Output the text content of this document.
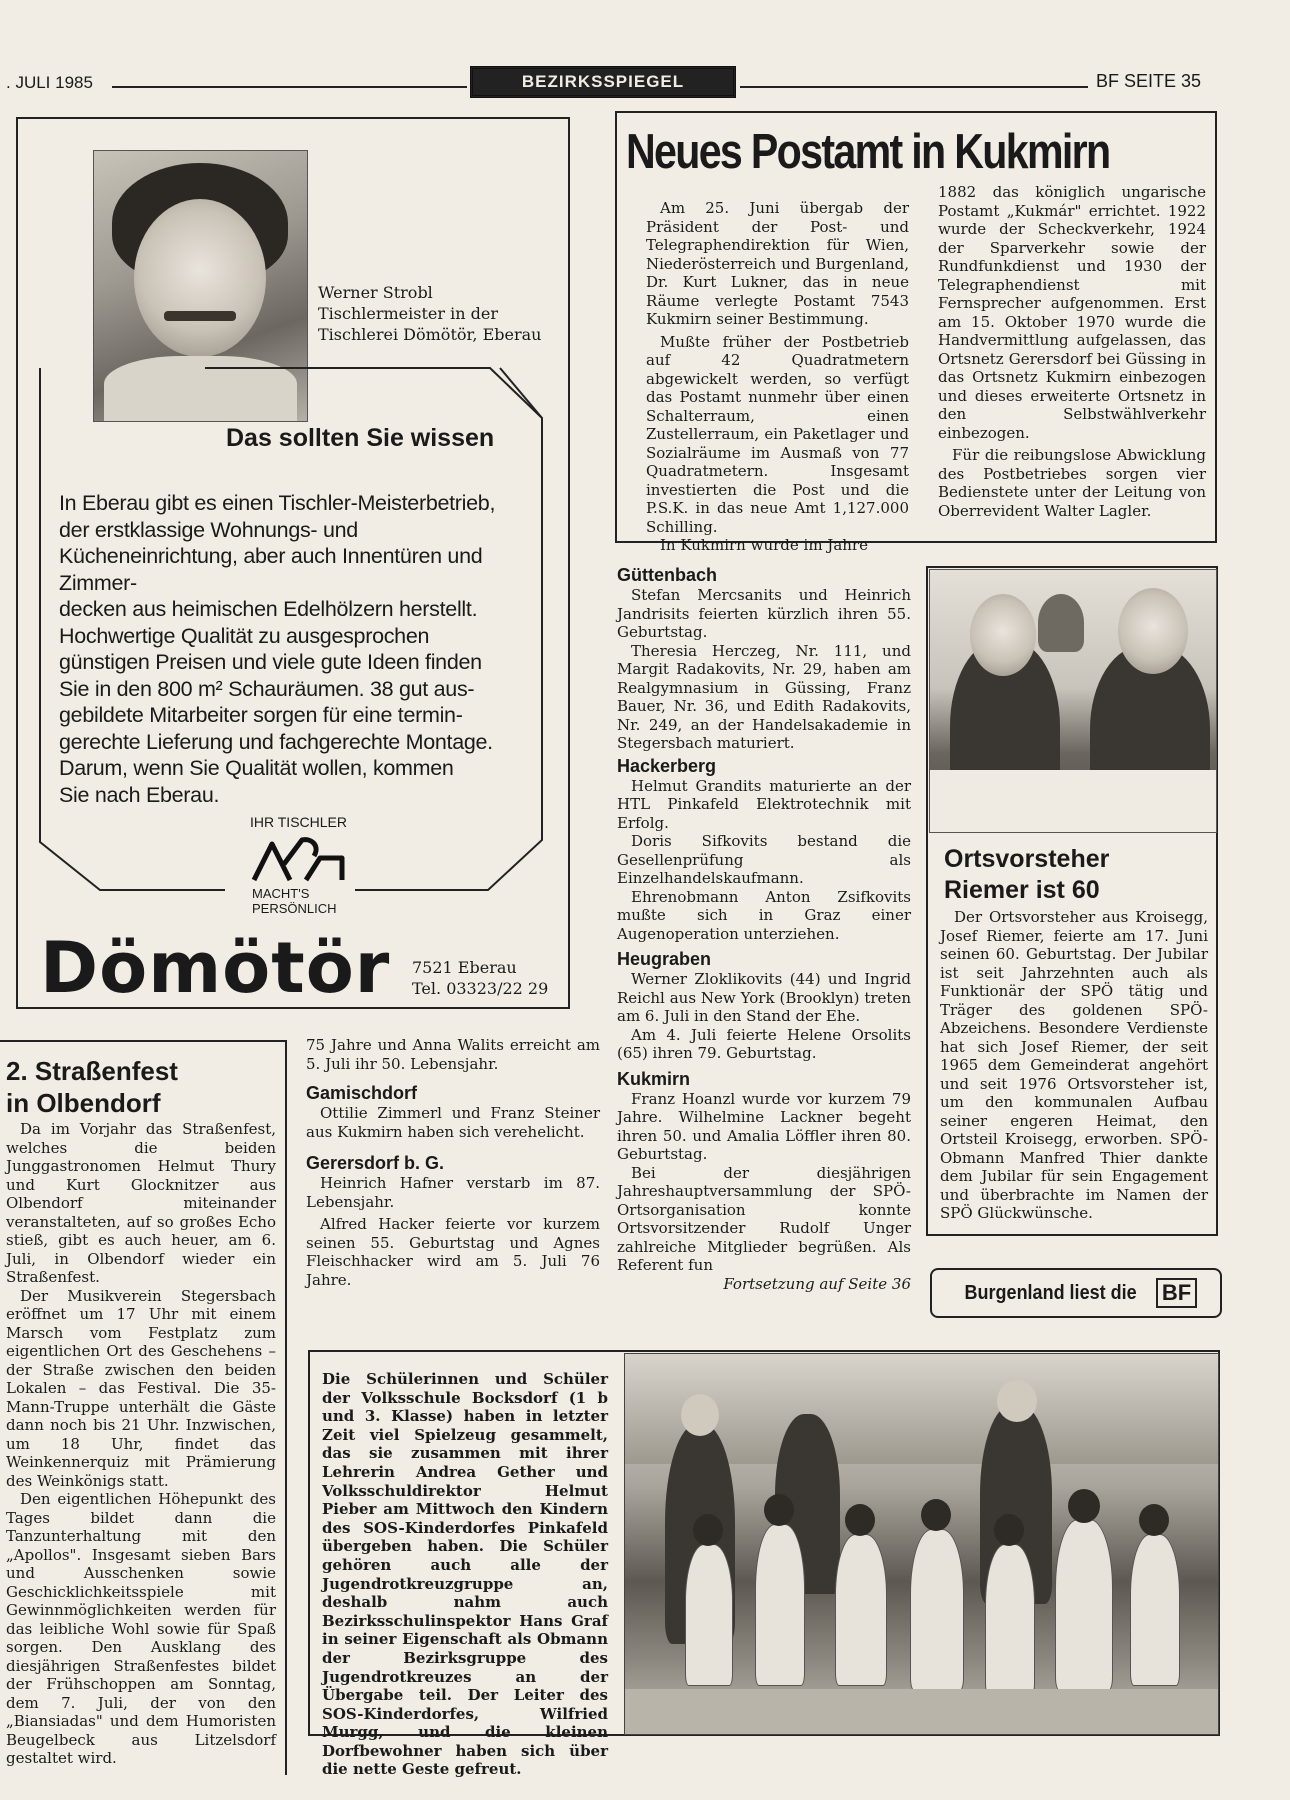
. JULI 1985	BEZIRKSSPIEGEL	BF SEITE 35
Werner Strobl
Tischlermeister in der
Tischlerei Dömötör, Eberau
Das sollten Sie wissen
In Eberau gibt es einen Tischler-Meisterbetrieb,
der erstklassige Wohnungs- und Kücheneinrichtung, aber auch Innentüren und Zimmer-
decken aus heimischen Edelhölzern herstellt.
Hochwertige Qualität zu ausgesprochen
günstigen Preisen und viele gute Ideen finden
Sie in den 800 m² Schauräumen. 38 gut aus-
gebildete Mitarbeiter sorgen für eine termin-
gerechte Lieferung und fachgerechte Montage.
Darum, wenn Sie Qualität wollen, kommen
Sie nach Eberau.
IHR TISCHLER
MACHT'S
PERSÖNLICH
Dömötör 7521 Eberau
Tel. 03323/22 29
Neues Postamt in Kukmirn

Am 25. Juni übergab der Präsident der Post- und Telegraphendirektion für Wien, Niederösterreich und Burgenland, Dr. Kurt Lukner, das in neue Räume verlegte Postamt 7543 Kukmirn seiner Bestimmung.

Mußte früher der Postbetrieb auf 42 Quadratmetern abgewickelt werden, so verfügt das Postamt nunmehr über einen Schalterraum, einen Zustellerraum, ein Paketlager und Sozialräume im Ausmaß von 77 Quadratmetern. Insgesamt investierten die Post und die P.S.K. in das neue Amt 1,127.000 Schilling.

In Kukmirn wurde im Jahre

1882 das königlich ungarische Postamt „Kukmár" errichtet. 1922 wurde der Scheckverkehr, 1924 der Sparverkehr sowie der Rundfunkdienst und 1930 der Telegraphendienst mit Fernsprecher aufgenommen. Erst am 15. Oktober 1970 wurde die Handvermittlung aufgelassen, das Ortsnetz Gerersdorf bei Güssing in das Ortsnetz Kukmirn einbezogen und dieses erweiterte Ortsnetz in den Selbstwählverkehr einbezogen.

Für die reibungslose Abwicklung des Postbetriebes sorgen vier Bedienstete unter der Leitung von Oberrevident Walter Lagler.

Güttenbach

Stefan Mercsanits und Heinrich Jandrisits feierten kürzlich ihren 55. Geburtstag.

Theresia Herczeg, Nr. 111, und Margit Radakovits, Nr. 29, haben am Realgymnasium in Güssing, Franz Bauer, Nr. 36, und Edith Radakovits, Nr. 249, an der Handelsakademie in Stegersbach maturiert.

Hackerberg

Helmut Grandits maturierte an der HTL Pinkafeld Elektrotechnik mit Erfolg.

Doris Sifkovits bestand die Gesellenprüfung als Einzelhandelskaufmann.

Ehrenobmann Anton Zsifkovits mußte sich in Graz einer Augenoperation unterziehen.

Heugraben

Werner Zloklikovits (44) und Ingrid Reichl aus New York (Brooklyn) treten am 6. Juli in den Stand der Ehe.

Am 4. Juli feierte Helene Orsolits (65) ihren 79. Geburtstag.

Kukmirn

Franz Hoanzl wurde vor kurzem 79 Jahre. Wilhelmine Lackner begeht ihren 50. und Amalia Löffler ihren 80. Geburtstag.

Bei der diesjährigen Jahreshauptversammlung der SPÖ-Ortsorganisation konnte Ortsvorsitzender Rudolf Unger zahlreiche Mitglieder begrüßen. Als Referent fun

Fortsetzung auf Seite 36

75 Jahre und Anna Walits erreicht am 5. Juli ihr 50. Lebensjahr.

Gamischdorf

Ottilie Zimmerl und Franz Steiner aus Kukmirn haben sich verehelicht.

Gerersdorf b. G.

Heinrich Hafner verstarb im 87. Lebensjahr.

Alfred Hacker feierte vor kurzem seinen 55. Geburtstag und Agnes Fleischhacker wird am 5. Juli 76 Jahre.

2. Straßenfest
in Olbendorf

Da im Vorjahr das Straßenfest, welches die beiden Junggastronomen Helmut Thury und Kurt Glocknitzer aus Olbendorf miteinander veranstalteten, auf so großes Echo stieß, gibt es auch heuer, am 6. Juli, in Olbendorf wieder ein Straßenfest.

Der Musikverein Stegersbach eröffnet um 17 Uhr mit einem Marsch vom Festplatz zum eigentlichen Ort des Geschehens – der Straße zwischen den beiden Lokalen – das Festival. Die 35-Mann-Truppe unterhält die Gäste dann noch bis 21 Uhr. Inzwischen, um 18 Uhr, findet das Weinkennerquiz mit Prämierung des Weinkönigs statt.

Den eigentlichen Höhepunkt des Tages bildet dann die Tanzunterhaltung mit den „Apollos". Insgesamt sieben Bars und Ausschenken sowie Geschicklichkeitsspiele mit Gewinnmöglichkeiten werden für das leibliche Wohl sowie für Spaß sorgen. Den Ausklang des diesjährigen Straßenfestes bildet der Frühschoppen am Sonntag, dem 7. Juli, der von den „Biansiadas" und dem Humoristen Beugelbeck aus Litzelsdorf gestaltet wird.

Ortsvorsteher
Riemer ist 60

Der Ortsvorsteher aus Kroisegg, Josef Riemer, feierte am 17. Juni seinen 60. Geburtstag. Der Jubilar ist seit Jahrzehnten auch als Funktionär der SPÖ tätig und Träger des goldenen SPÖ-Abzeichens. Besondere Verdienste hat sich Josef Riemer, der seit 1965 dem Gemeinderat angehört und seit 1976 Ortsvorsteher ist, um den kommunalen Aufbau seiner engeren Heimat, den Ortsteil Kroisegg, erworben. SPÖ-Obmann Manfred Thier dankte dem Jubilar für sein Engagement und überbrachte im Namen der SPÖ Glückwünsche.

Burgenland liest die BF
Die Schülerinnen und Schüler der Volksschule Bocksdorf (1 b und 3. Klasse) haben in letzter Zeit viel Spielzeug gesammelt, das sie zusammen mit ihrer Lehrerin Andrea Gether und Volksschuldirektor Helmut Pieber am Mittwoch den Kindern des SOS-Kinderdorfes Pinkafeld übergeben haben. Die Schüler gehören auch alle der Jugendrotkreuzgruppe an, deshalb nahm auch Bezirksschulinspektor Hans Graf in seiner Eigenschaft als Obmann der Bezirksgruppe des Jugendrotkreuzes an der Übergabe teil. Der Leiter des SOS-Kinderdorfes, Wilfried Murgg, und die kleinen Dorfbewohner haben sich über die nette Geste gefreut.
